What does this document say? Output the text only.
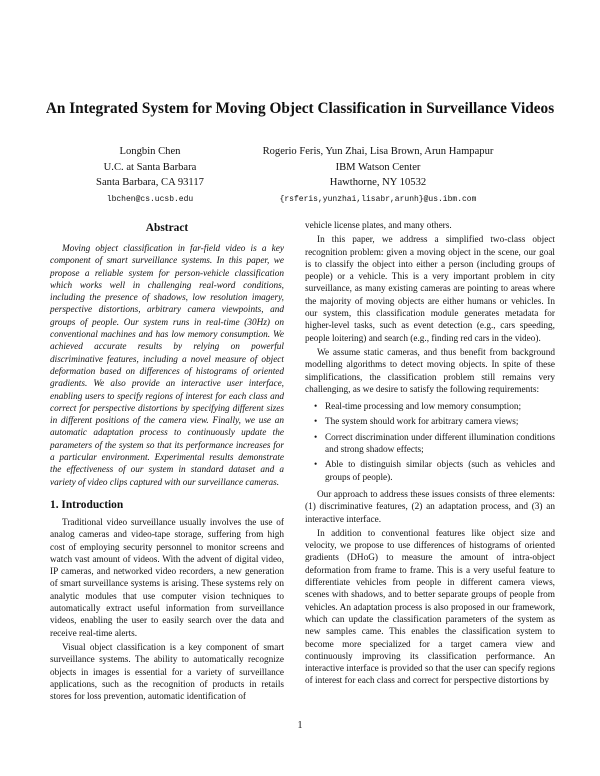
An Integrated System for Moving Object Classification in Surveillance Videos
Longbin Chen
U.C. at Santa Barbara
Santa Barbara, CA 93117
lbchen@cs.ucsb.edu
Rogerio Feris, Yun Zhai, Lisa Brown, Arun Hampapur
IBM Watson Center
Hawthorne, NY 10532
{rsferis,yunzhai,lisabr,arunh}@us.ibm.com
Abstract

Moving object classification in far-field video is a key component of smart surveillance systems. In this paper, we propose a reliable system for person-vehicle classification which works well in challenging real-word conditions, including the presence of shadows, low resolution imagery, perspective distortions, arbitrary camera viewpoints, and groups of people. Our system runs in real-time (30Hz) on conventional machines and has low memory consumption. We achieved accurate results by relying on powerful discriminative features, including a novel measure of object deformation based on differences of histograms of oriented gradients. We also provide an interactive user interface, enabling users to specify regions of interest for each class and correct for perspective distortions by specifying different sizes in different positions of the camera view. Finally, we use an automatic adaptation process to continuously update the parameters of the system so that its performance increases for a particular environment. Experimental results demonstrate the effectiveness of our system in standard dataset and a variety of video clips captured with our surveillance cameras.

1. Introduction

Traditional video surveillance usually involves the use of analog cameras and video-tape storage, suffering from high cost of employing security personnel to monitor screens and watch vast amount of videos. With the advent of digital video, IP cameras, and networked video recorders, a new generation of smart surveillance systems is arising. These systems rely on analytic modules that use computer vision techniques to automatically extract useful information from surveillance videos, enabling the user to easily search over the data and receive real-time alerts.

Visual object classification is a key component of smart surveillance systems. The ability to automatically recognize objects in images is essential for a variety of surveillance applications, such as the recognition of products in retails stores for loss prevention, automatic identification of

vehicle license plates, and many others.

In this paper, we address a simplified two-class object recognition problem: given a moving object in the scene, our goal is to classify the object into either a person (including groups of people) or a vehicle. This is a very important problem in city surveillance, as many existing cameras are pointing to areas where the majority of moving objects are either humans or vehicles. In our system, this classification module generates metadata for higher-level tasks, such as event detection (e.g., cars speeding, people loitering) and search (e.g., finding red cars in the video).

We assume static cameras, and thus benefit from background modelling algorithms to detect moving objects. In spite of these simplifications, the classification problem still remains very challenging, as we desire to satisfy the following requirements:

• Real-time processing and low memory consumption;
• The system should work for arbitrary camera views;
• Correct discrimination under different illumination conditions and strong shadow effects;
• Able to distinguish similar objects (such as vehicles and groups of people).

Our approach to address these issues consists of three elements: (1) discriminative features, (2) an adaptation process, and (3) an interactive interface.

In addition to conventional features like object size and velocity, we propose to use differences of histograms of oriented gradients (DHoG) to measure the amount of intra-object deformation from frame to frame. This is a very useful feature to differentiate vehicles from people in different camera views, scenes with shadows, and to better separate groups of people from vehicles. An adaptation process is also proposed in our framework, which can update the classification parameters of the system as new samples came. This enables the classification system to become more specialized for a target camera view and continuously improving its classification performance. An interactive interface is provided so that the user can specify regions of interest for each class and correct for perspective distortions by

1
